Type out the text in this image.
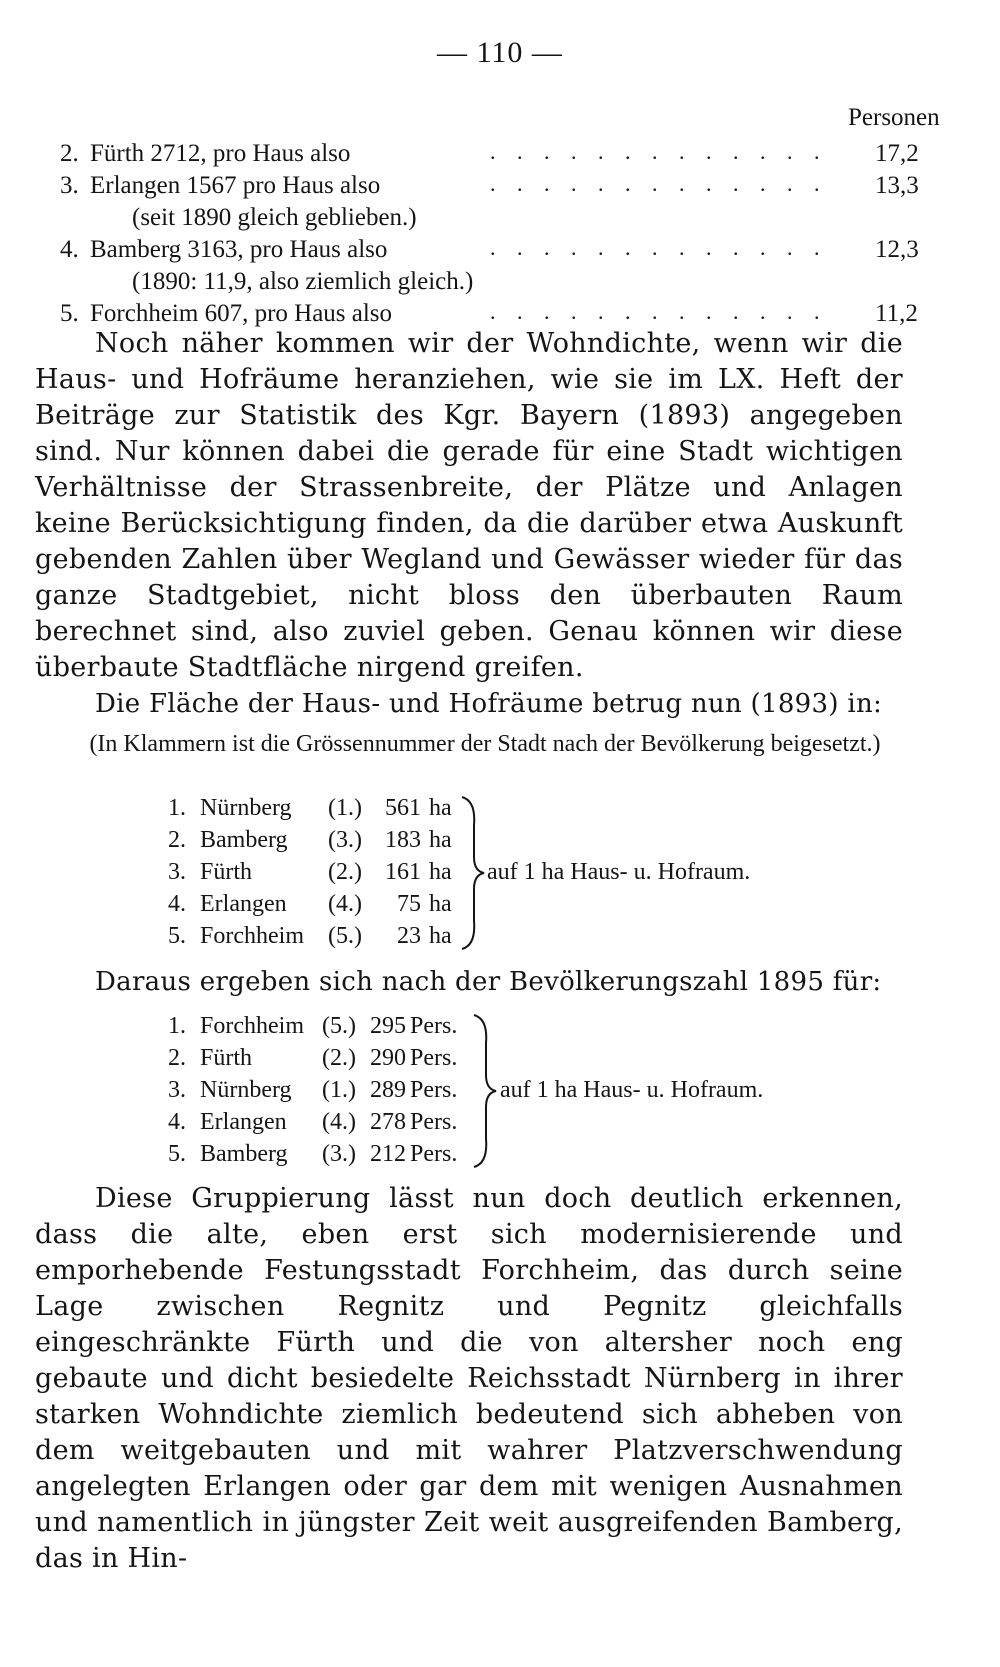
— 110 —
Personen
2. Fürth 2712, pro Haus also	. . . . . . . . . . . . . 17,2
3. Erlangen 1567 pro Haus also	. . . . . . . . . . . . . 13,3
(seit 1890 gleich geblieben.)
4. Bamberg 3163, pro Haus also	. . . . . . . . . . . . . 12,3
(1890: 11,9, also ziemlich gleich.)
5. Forchheim 607, pro Haus also	. . . . . . . . . . . . . 11,2
Noch näher kommen wir der Wohndichte, wenn wir die Haus- und Hofräume heranziehen, wie sie im LX. Heft der Beiträge zur Statistik des Kgr. Bayern (1893) angegeben sind. Nur können dabei die gerade für eine Stadt wichtigen Verhältnisse der Strassenbreite, der Plätze und Anlagen keine Berücksichtigung finden, da die darüber etwa Auskunft gebenden Zahlen über Wegland und Gewässer wieder für das ganze Stadtgebiet, nicht bloss den überbauten Raum berechnet sind, also zuviel geben. Genau können wir diese überbaute Stadtfläche nirgend greifen.
Die Fläche der Haus- und Hofräume betrug nun (1893) in:
(In Klammern ist die Grössennummer der Stadt nach der Bevölkerung beigesetzt.)
1. Nürnberg (1.) 561 ha
2. Bamberg (3.) 183 ha
3. Fürth	(2.) 161 ha
4. Erlangen (4.) 75 ha
5. Forchheim (5.) 23 ha
auf 1 ha Haus- u. Hofraum.
Daraus ergeben sich nach der Bevölkerungszahl 1895 für:
1. Forchheim (5.) 295 Pers.
2. Fürth	(2.) 290 Pers.
3. Nürnberg (1.) 289 Pers.
4. Erlangen (4.) 278 Pers.
5. Bamberg (3.) 212 Pers.
auf 1 ha Haus- u. Hofraum.
Diese Gruppierung lässt nun doch deutlich erkennen, dass die alte, eben erst sich modernisierende und emporhebende Festungsstadt Forchheim, das durch seine Lage zwischen Regnitz und Pegnitz gleichfalls eingeschränkte Fürth und die von altersher noch eng gebaute und dicht besiedelte Reichsstadt Nürnberg in ihrer starken Wohndichte ziemlich bedeutend sich abheben von dem weitgebauten und mit wahrer Platzverschwendung angelegten Erlangen oder gar dem mit wenigen Ausnahmen und namentlich in jüngster Zeit weit ausgreifenden Bamberg, das in Hin-
